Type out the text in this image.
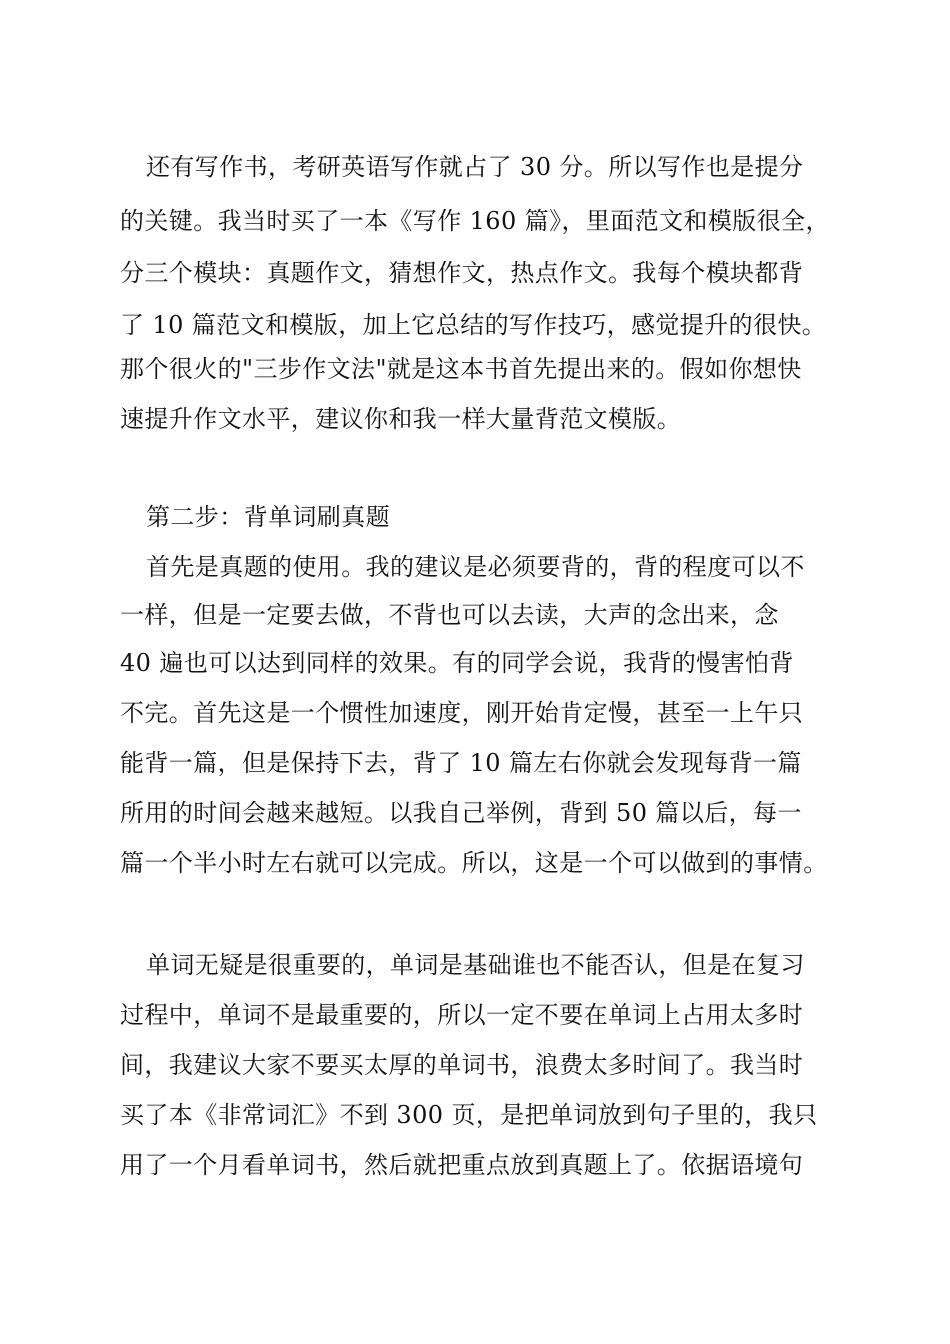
还有写作书，考研英语写作就占了 30 分。所以写作也是提分
的关键。我当时买了一本《写作 160 篇》，里面范文和模版很全，
分三个模块：真题作文，猜想作文，热点作文。我每个模块都背
了 10 篇范文和模版，加上它总结的写作技巧，感觉提升的很快。
那个很火的"三步作文法"就是这本书首先提出来的。假如你想快
速提升作文水平，建议你和我一样大量背范文模版。
第二步：背单词刷真题
首先是真题的使用。我的建议是必须要背的，背的程度可以不
一样，但是一定要去做，不背也可以去读，大声的念出来，念
40 遍也可以达到同样的效果。有的同学会说，我背的慢害怕背
不完。首先这是一个惯性加速度，刚开始肯定慢，甚至一上午只
能背一篇，但是保持下去，背了 10 篇左右你就会发现每背一篇
所用的时间会越来越短。以我自己举例，背到 50 篇以后，每一
篇一个半小时左右就可以完成。所以，这是一个可以做到的事情。
单词无疑是很重要的，单词是基础谁也不能否认，但是在复习
过程中，单词不是最重要的，所以一定不要在单词上占用太多时
间，我建议大家不要买太厚的单词书，浪费太多时间了。我当时
买了本《非常词汇》不到 300 页，是把单词放到句子里的，我只
用了一个月看单词书，然后就把重点放到真题上了。依据语境句
